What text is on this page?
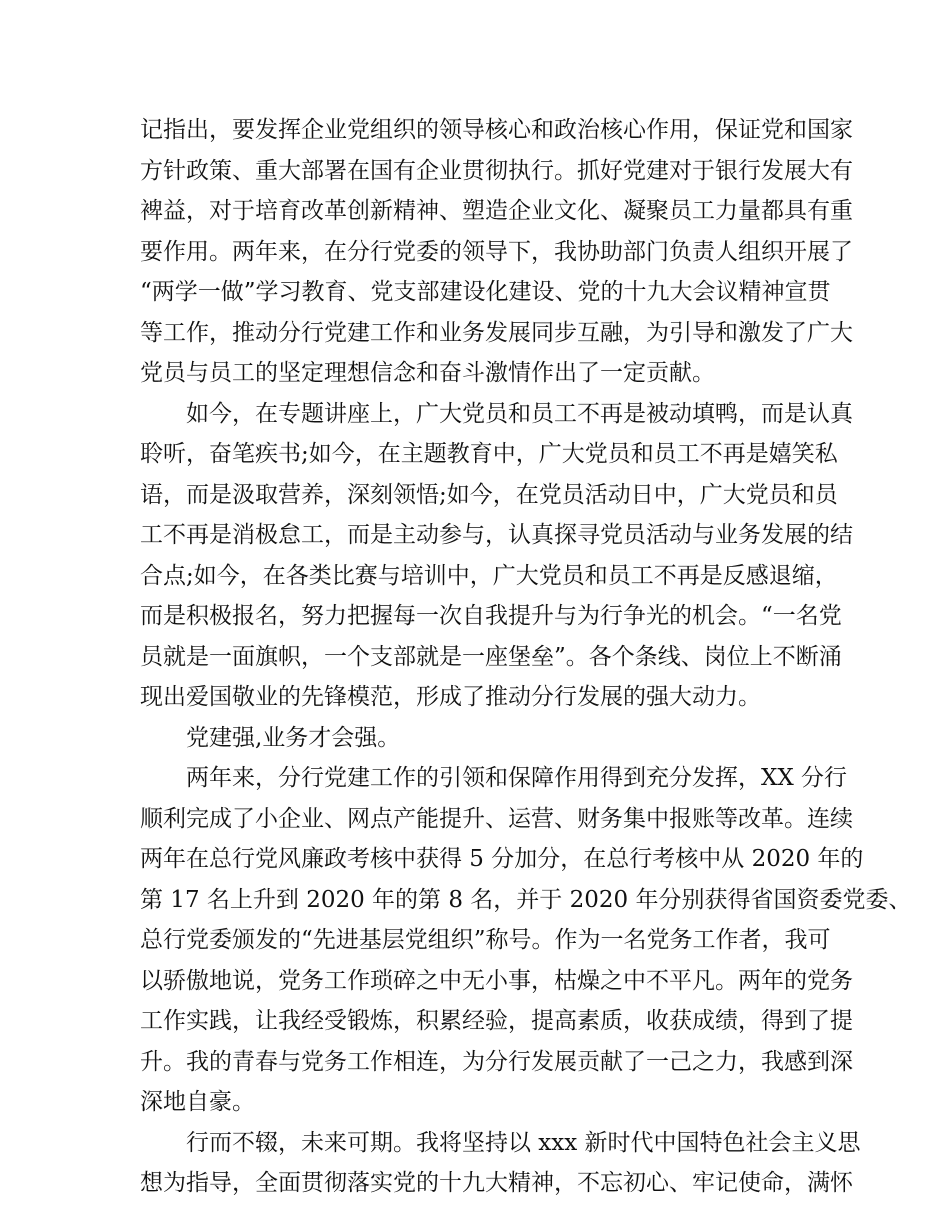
记指出，要发挥企业党组织的领导核心和政治核心作用，保证党和国家
方针政策、重大部署在国有企业贯彻执行。抓好党建对于银行发展大有
裨益，对于培育改革创新精神、塑造企业文化、凝聚员工力量都具有重
要作用。两年来，在分行党委的领导下，我协助部门负责人组织开展了
“两学一做”学习教育、党支部建设化建设、党的十九大会议精神宣贯
等工作，推动分行党建工作和业务发展同步互融，为引导和激发了广大
党员与员工的坚定理想信念和奋斗激情作出了一定贡献。
如今，在专题讲座上，广大党员和员工不再是被动填鸭，而是认真
聆听，奋笔疾书;如今，在主题教育中，广大党员和员工不再是嬉笑私
语，而是汲取营养，深刻领悟;如今，在党员活动日中，广大党员和员
工不再是消极怠工，而是主动参与，认真探寻党员活动与业务发展的结
合点;如今，在各类比赛与培训中，广大党员和员工不再是反感退缩，
而是积极报名，努力把握每一次自我提升与为行争光的机会。“一名党
员就是一面旗帜，一个支部就是一座堡垒”。各个条线、岗位上不断涌
现出爱国敬业的先锋模范，形成了推动分行发展的强大动力。
党建强,业务才会强。
两年来，分行党建工作的引领和保障作用得到充分发挥，XX 分行
顺利完成了小企业、网点产能提升、运营、财务集中报账等改革。连续
两年在总行党风廉政考核中获得 5 分加分，在总行考核中从 2020 年的
第 17 名上升到 2020 年的第 8 名，并于 2020 年分别获得省国资委党委、
总行党委颁发的“先进基层党组织”称号。作为一名党务工作者，我可
以骄傲地说，党务工作琐碎之中无小事，枯燥之中不平凡。两年的党务
工作实践，让我经受锻炼，积累经验，提高素质，收获成绩，得到了提
升。我的青春与党务工作相连，为分行发展贡献了一己之力，我感到深
深地自豪。
行而不辍，未来可期。我将坚持以 xxx 新时代中国特色社会主义思
想为指导，全面贯彻落实党的十九大精神，不忘初心、牢记使命，满怀
